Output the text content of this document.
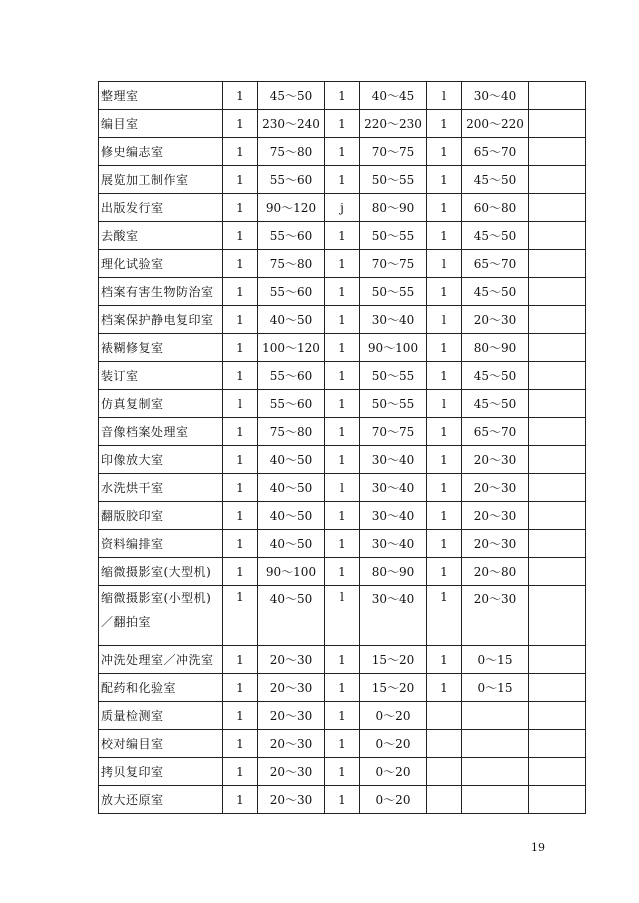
整理室	1	45～50	1	40～45	l	30～40	
编目室	1	230～240	1	220～230	1	200～220	
修史编志室	1	75～80	1	70～75	1	65～70	
展览加工制作室	1	55～60	1	50～55	1	45～50	
出版发行室	1	90～120	j	80～90	1	60～80	
去酸室	1	55～60	1	50～55	1	45～50	
理化试验室	1	75～80	1	70～75	l	65～70	
档案有害生物防治室	1	55～60	1	50～55	1	45～50	
档案保护静电复印室	1	40～50	1	30～40	l	20～30	
裱糊修复室	1	100～120	1	90～100	1	80～90	
装订室	1	55～60	1	50～55	1	45～50	
仿真复制室	l	55～60	1	50～55	l	45～50	
音像档案处理室	1	75～80	1	70～75	1	65～70	
印像放大室	1	40～50	1	30～40	1	20～30	
水洗烘干室	1	40～50	l	30～40	1	20～30	
翻版胶印室	1	40～50	1	30～40	1	20～30	
资料编排室	1	40～50	1	30～40	1	20～30	
缩微摄影室(大型机)	1	90～100	1	80～90	1	20～80	
缩微摄影室(小型机)／翻拍室	1	40～50	l	30～40	1	20～30	
冲洗处理室／冲洗室	1	20～30	1	15～20	1	0～15	
配药和化验室	1	20～30	1	15～20	1	0～15	
质量检测室	1	20～30	1	0～20			
校对编目室	1	20～30	1	0～20			
拷贝复印室	1	20～30	1	0～20			
放大还原室	1	20～30	1	0～20			
19
